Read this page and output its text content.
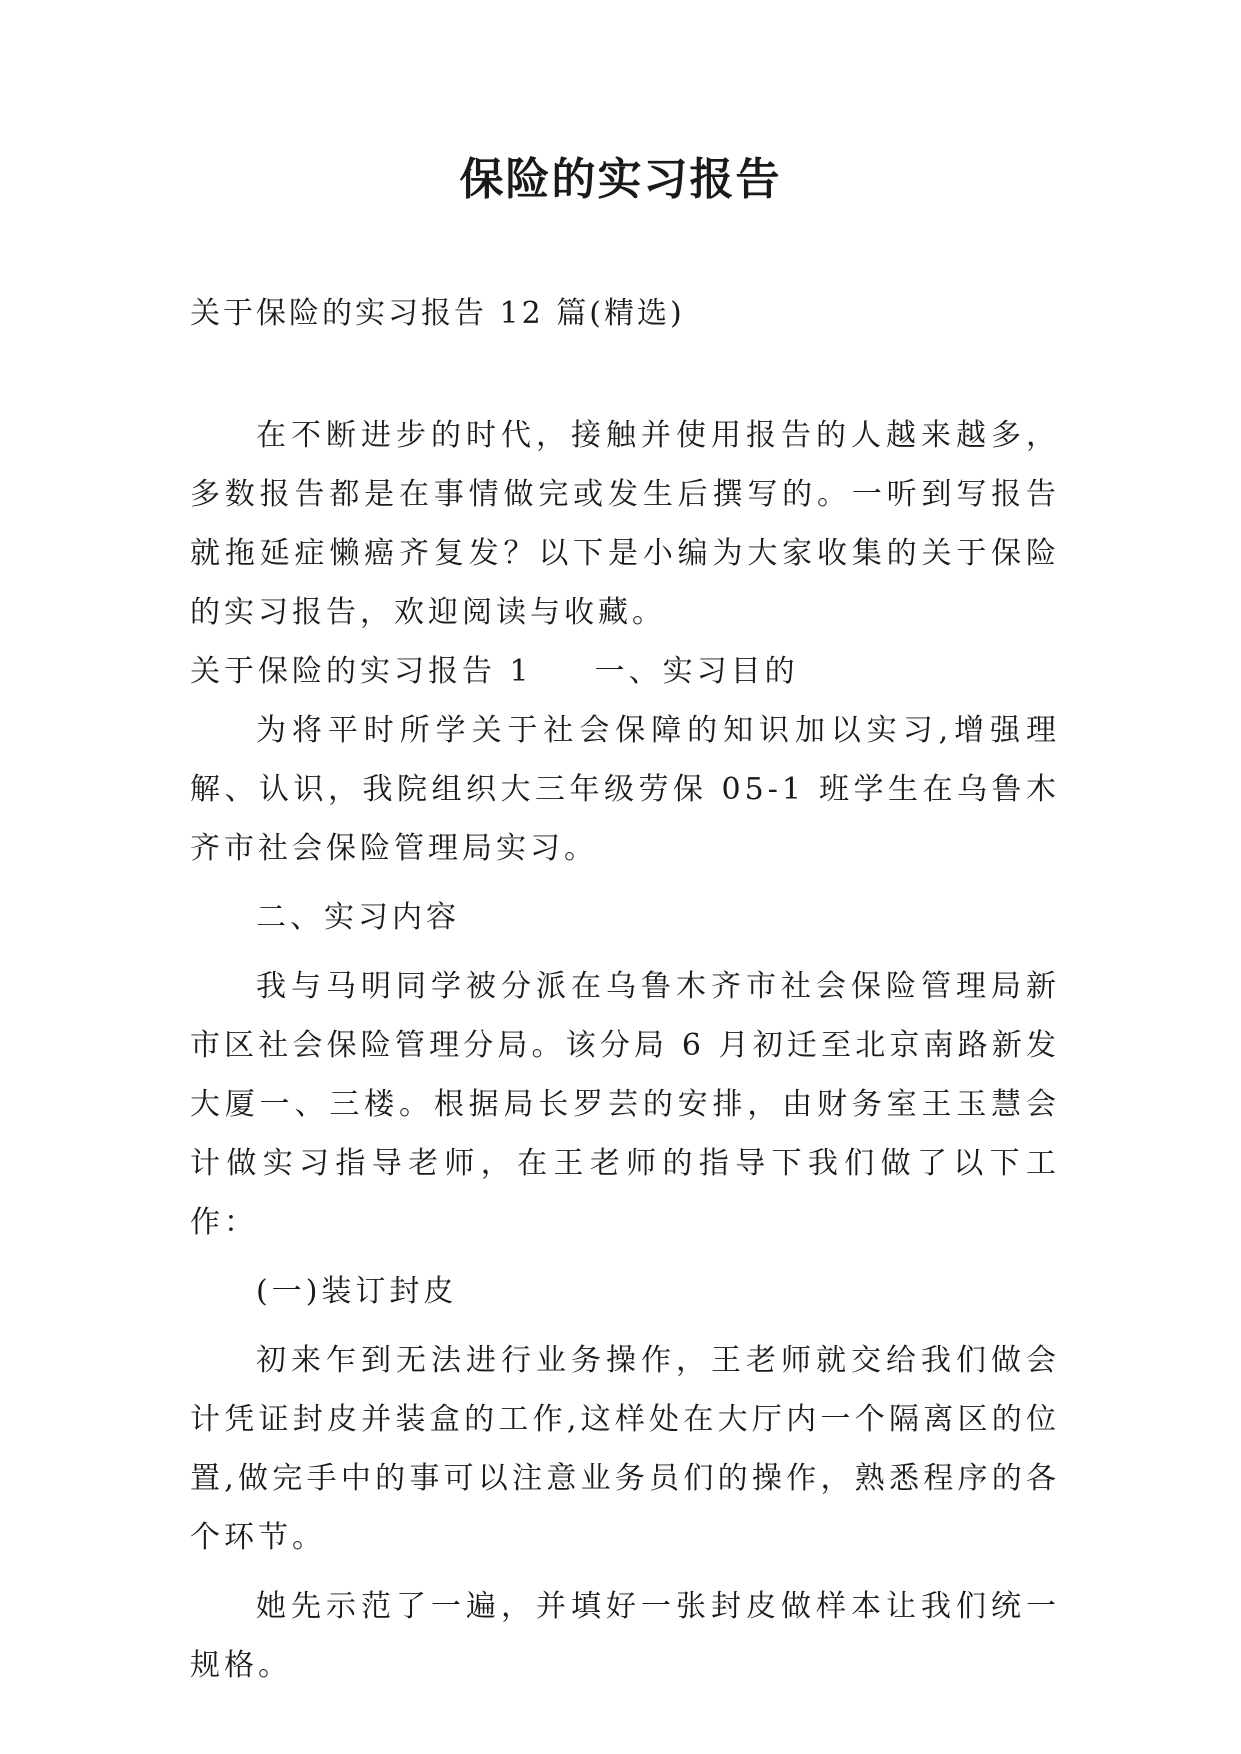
保险的实习报告

关于保险的实习报告 12 篇(精选)

在不断进步的时代，接触并使用报告的人越来越多，多数报告都是在事情做完或发生后撰写的。一听到写报告就拖延症懒癌齐复发？以下是小编为大家收集的关于保险的实习报告，欢迎阅读与收藏。

关于保险的实习报告 1 一、实习目的

为将平时所学关于社会保障的知识加以实习,增强理解、认识，我院组织大三年级劳保 05-1 班学生在乌鲁木齐市社会保险管理局实习。

二、实习内容

我与马明同学被分派在乌鲁木齐市社会保险管理局新市区社会保险管理分局。该分局 6 月初迁至北京南路新发大厦一、三楼。根据局长罗芸的安排，由财务室王玉慧会计做实习指导老师，在王老师的指导下我们做了以下工作：

(一)装订封皮

初来乍到无法进行业务操作，王老师就交给我们做会计凭证封皮并装盒的工作,这样处在大厅内一个隔离区的位置,做完手中的事可以注意业务员们的操作，熟悉程序的各个环节。

她先示范了一遍，并填好一张封皮做样本让我们统一规格。
